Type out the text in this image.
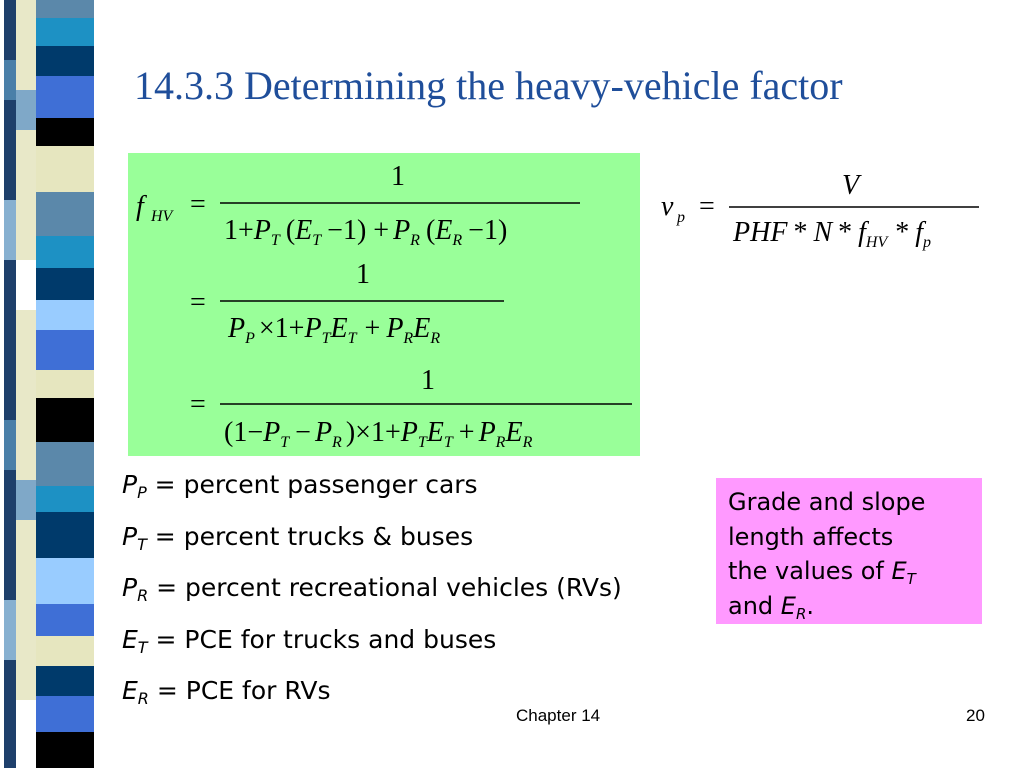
14.3.3 Determining the heavy-vehicle factor
f HV =
1
$1+P_T$ $(E_T -1) + P_R$ $(E_R -1)$
=
1
$P_P \times 1+P_TE_T + P_RE_R$
=
1
($1-P_T - P_R$ )$\times 1+P_TE_T + P_RE_R$
v p =
V
PHF * N * $f_{HV} * f_p$
$P_P$ = percent passenger cars
$P_T$ = percent trucks & buses
$P_R$ = percent recreational vehicles (RVs)
$E_T$ = PCE for trucks and buses
$E_R$ = PCE for RVs
Grade and slope
length affects
the values of $E_T$
and $E_R$.
Chapter 14	20
